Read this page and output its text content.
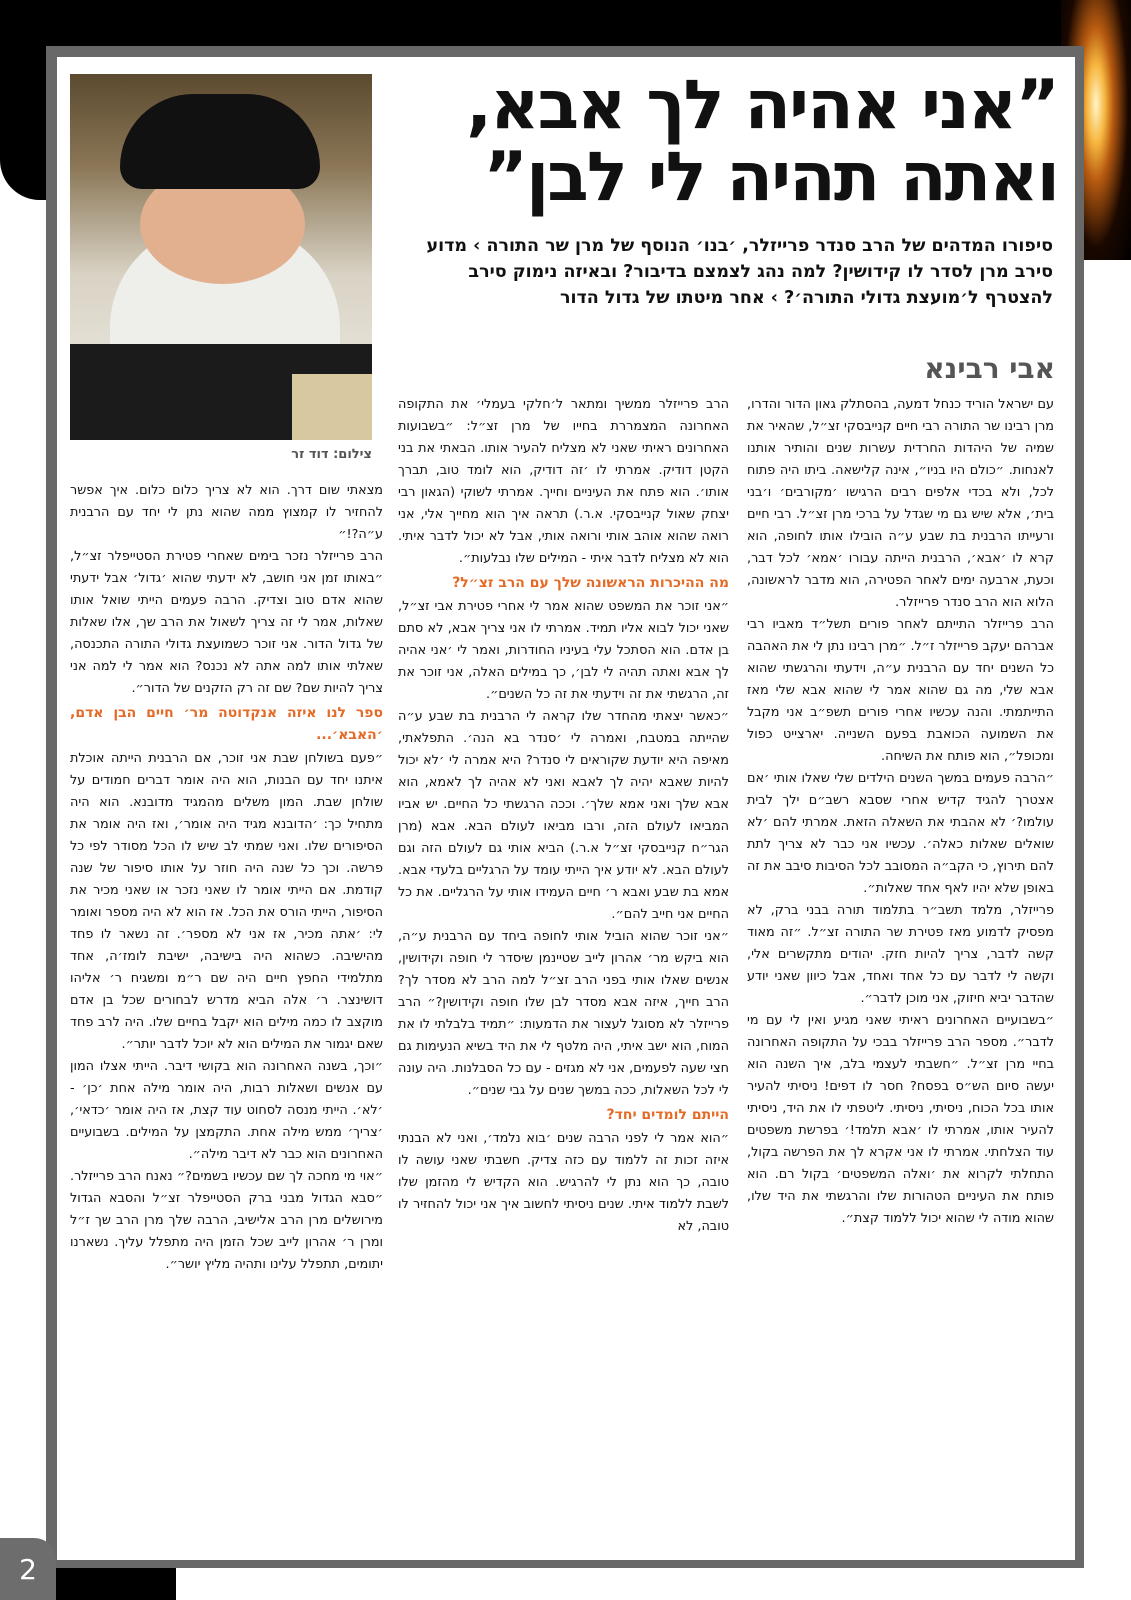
צילום: דוד זר
”אני אהיה לך אבא, ואתה תהיה לי לבן”
סיפורו המדהים של הרב סנדר פרייזלר, ׳בנו׳ הנוסף של מרן שר התורה › מדוע סירב מרן לסדר לו קידושין? למה נהג לצמצם בדיבור? ובאיזה נימוק סירב להצטרף ל׳מועצת גדולי התורה׳? › אחר מיטתו של גדול הדור
אבי רבינא

עם ישראל הוריד כנחל דמעה, בהסתלק גאון הדור והדרו, מרן רבינו שר התורה רבי חיים קנייבסקי זצ״ל, שהאיר את שמיה של היהדות החרדית עשרות שנים והותיר אותנו לאנחות. ״כולם היו בניו״, אינה קלישאה. ביתו היה פתוח לכל, ולא בכדי אלפים רבים הרגישו ׳מקורבים׳ ו׳בני בית׳, אלא שיש גם מי שגדל על ברכי מרן זצ״ל. רבי חיים ורעייתו הרבנית בת שבע ע״ה הובילו אותו לחופה, הוא קרא לו ׳אבא׳, הרבנית הייתה עבורו ׳אמא׳ לכל דבר, וכעת, ארבעה ימים לאחר הפטירה, הוא מדבר לראשונה, הלוא הוא הרב סנדר פרייזלר.

הרב פרייזלר התייתם לאחר פורים תשל״ד מאביו רבי אברהם יעקב פרייזלר ז״ל. ״מרן רבינו נתן לי את האהבה כל השנים יחד עם הרבנית ע״ה, וידעתי והרגשתי שהוא אבא שלי, מה גם שהוא אמר לי שהוא אבא שלי מאז התייתמתי. והנה עכשיו אחרי פורים תשפ״ב אני מקבל את השמועה הכואבת בפעם השנייה. יארצייט כפול ומכופל״, הוא פותח את השיחה.

״הרבה פעמים במשך השנים הילדים שלי שאלו אותי ׳אם אצטרך להגיד קדיש אחרי שסבא רשב״ם ילך לבית עולמו?׳ לא אהבתי את השאלה הזאת. אמרתי להם ׳לא שואלים שאלות כאלה׳. עכשיו אני כבר לא צריך לתת להם תירוץ, כי הקב״ה המסובב לכל הסיבות סיבב את זה באופן שלא יהיו לאף אחד שאלות״.

פרייזלר, מלמד תשב״ר בתלמוד תורה בבני ברק, לא מפסיק לדמוע מאז פטירת שר התורה זצ״ל. ״זה מאוד קשה לדבר, צריך להיות חזק. יהודים מתקשרים אלי, וקשה לי לדבר עם כל אחד ואחד, אבל כיוון שאני יודע שהדבר יביא חיזוק, אני מוכן לדבר״.

״בשבועיים האחרונים ראיתי שאני מגיע ואין לי עם מי לדבר״. מספר הרב פרייזלר בבכי על התקופה האחרונה בחיי מרן זצ״ל. ״חשבתי לעצמי בלב, איך השנה הוא יעשה סיום הש״ס בפסח? חסר לו דפים! ניסיתי להעיר אותו בכל הכוח, ניסיתי, ניסיתי. ליטפתי לו את היד, ניסיתי להעיר אותו, אמרתי לו ׳אבא תלמד!׳ בפרשת משפטים עוד הצלחתי. אמרתי לו אני אקרא לך את הפרשה בקול, התחלתי לקרוא את ׳ואלה המשפטים׳ בקול רם. הוא פותח את העיניים הטהורות שלו והרגשתי את היד שלו, שהוא מודה לי שהוא יכול ללמוד קצת״.

הרב פרייזלר ממשיך ומתאר ל׳חלקי בעמלי׳ את התקופה האחרונה המצמררת בחייו של מרן זצ״ל: ״בשבועות האחרונים ראיתי שאני לא מצליח להעיר אותו. הבאתי את בני הקטן דודיק. אמרתי לו ׳זה דודיק, הוא לומד טוב, תברך אותו׳. הוא פתח את העיניים וחייך. אמרתי לשוקי (הגאון רבי יצחק שאול קנייבסקי. א.ר.) תראה איך הוא מחייך אלי, אני רואה שהוא אוהב אותי ורואה אותי, אבל לא יכול לדבר איתי. הוא לא מצליח לדבר איתי - המילים שלו נבלעות״.

מה ההיכרות הראשונה שלך עם הרב זצ״ל?

״אני זוכר את המשפט שהוא אמר לי אחרי פטירת אבי זצ״ל, שאני יכול לבוא אליו תמיד. אמרתי לו אני צריך אבא, לא סתם בן אדם. הוא הסתכל עלי בעיניו החודרות, ואמר לי ׳אני אהיה לך אבא ואתה תהיה לי לבן׳, כך במילים האלה, אני זוכר את זה, הרגשתי את זה וידעתי את זה כל השנים״.

״כאשר יצאתי מהחדר שלו קראה לי הרבנית בת שבע ע״ה שהייתה במטבח, ואמרה לי ׳סנדר בא הנה׳. התפלאתי, מאיפה היא יודעת שקוראים לי סנדר? היא אמרה לי ׳לא יכול להיות שאבא יהיה לך לאבא ואני לא אהיה לך לאמא, הוא אבא שלך ואני אמא שלך׳. וככה הרגשתי כל החיים. יש אביו המביאו לעולם הזה, ורבו מביאו לעולם הבא. אבא (מרן הגר״ח קנייבסקי זצ״ל א.ר.) הביא אותי גם לעולם הזה וגם לעולם הבא. לא יודע איך הייתי עומד על הרגליים בלעדי אבא. אמא בת שבע ואבא ר׳ חיים העמידו אותי על הרגליים. את כל החיים אני חייב להם״.

״אני זוכר שהוא הוביל אותי לחופה ביחד עם הרבנית ע״ה, הוא ביקש מר׳ אהרון לייב שטיינמן שיסדר לי חופה וקידושין, אנשים שאלו אותי בפני הרב זצ״ל למה הרב לא מסדר לך? הרב חייך, איזה אבא מסדר לבן שלו חופה וקידושין?״ הרב פרייזלר לא מסוגל לעצור את הדמעות: ״תמיד בלבלתי לו את המוח, הוא ישב איתי, היה מלטף לי את היד בשיא הנעימות גם חצי שעה לפעמים, אני לא מגזים - עם כל הסבלנות. היה עונה לי לכל השאלות, ככה במשך שנים על גבי שנים״.

הייתם לומדים יחד?

״הוא אמר לי לפני הרבה שנים ׳בוא נלמד׳, ואני לא הבנתי איזה זכות זה ללמוד עם כזה צדיק. חשבתי שאני עושה לו טובה, כך הוא נתן לי להרגיש. הוא הקדיש לי מהזמן שלו לשבת ללמוד איתי. שנים ניסיתי לחשוב איך אני יכול להחזיר לו טובה, לא

מצאתי שום דרך. הוא לא צריך כלום כלום. איך אפשר להחזיר לו קמצוץ ממה שהוא נתן לי יחד עם הרבנית ע״ה?!״

הרב פרייזלר נזכר בימים שאחרי פטירת הסטייפלר זצ״ל, ״באותו זמן אני חושב, לא ידעתי שהוא ׳גדול׳ אבל ידעתי שהוא אדם טוב וצדיק. הרבה פעמים הייתי שואל אותו שאלות, אמר לי זה צריך לשאול את הרב שך, אלו שאלות של גדול הדור. אני זוכר כשמועצת גדולי התורה התכנסה, שאלתי אותו למה אתה לא נכנס? הוא אמר לי למה אני צריך להיות שם? שם זה רק הזקנים של הדור״.

ספר לנו איזה אנקדוטה מר׳ חיים הבן אדם, ׳האבא׳...

״פעם בשולחן שבת אני זוכר, אם הרבנית הייתה אוכלת איתנו יחד עם הבנות, הוא היה אומר דברים חמודים על שולחן שבת. המון משלים מהמגיד מדובנא. הוא היה מתחיל כך: ׳הדובנא מגיד היה אומר׳, ואז היה אומר את הסיפורים שלו. ואני שמתי לב שיש לו הכל מסודר לפי כל פרשה. וכך כל שנה היה חוזר על אותו סיפור של שנה קודמת. אם הייתי אומר לו שאני נזכר או שאני מכיר את הסיפור, הייתי הורס את הכל. אז הוא לא היה מספר ואומר לי: ׳אתה מכיר, אז אני לא מספר׳. זה נשאר לו פחד מהישיבה. כשהוא היה בישיבה, ישיבת לומז׳ה, אחד מתלמידי החפץ חיים היה שם ר״מ ומשגיח ר׳ אליהו דושינצר. ר׳ אלה הביא מדרש לבחורים שכל בן אדם מוקצב לו כמה מילים הוא יקבל בחיים שלו. היה לרב פחד שאם יגמור את המילים הוא לא יוכל לדבר יותר״.

״וכך, בשנה האחרונה הוא בקושי דיבר. הייתי אצלו המון עם אנשים ושאלות רבות, היה אומר מילה אחת ׳כן׳ - ׳לא׳. הייתי מנסה לסחוט עוד קצת, אז היה אומר ׳כדאי׳, ׳צריך׳ ממש מילה אחת. התקמצן על המילים. בשבועיים האחרונים הוא כבר לא דיבר מילה״.

״אוי מי מחכה לך שם עכשיו בשמים?״ נאנח הרב פרייזלר. ״סבא הגדול מבני ברק הסטייפלר זצ״ל והסבא הגדול מירושלים מרן הרב אלישיב, הרבה שלך מרן הרב שך ז״ל ומרן ר׳ אהרון לייב שכל הזמן היה מתפלל עליך. נשארנו יתומים, תתפלל עלינו ותהיה מליץ יושר״.

2
